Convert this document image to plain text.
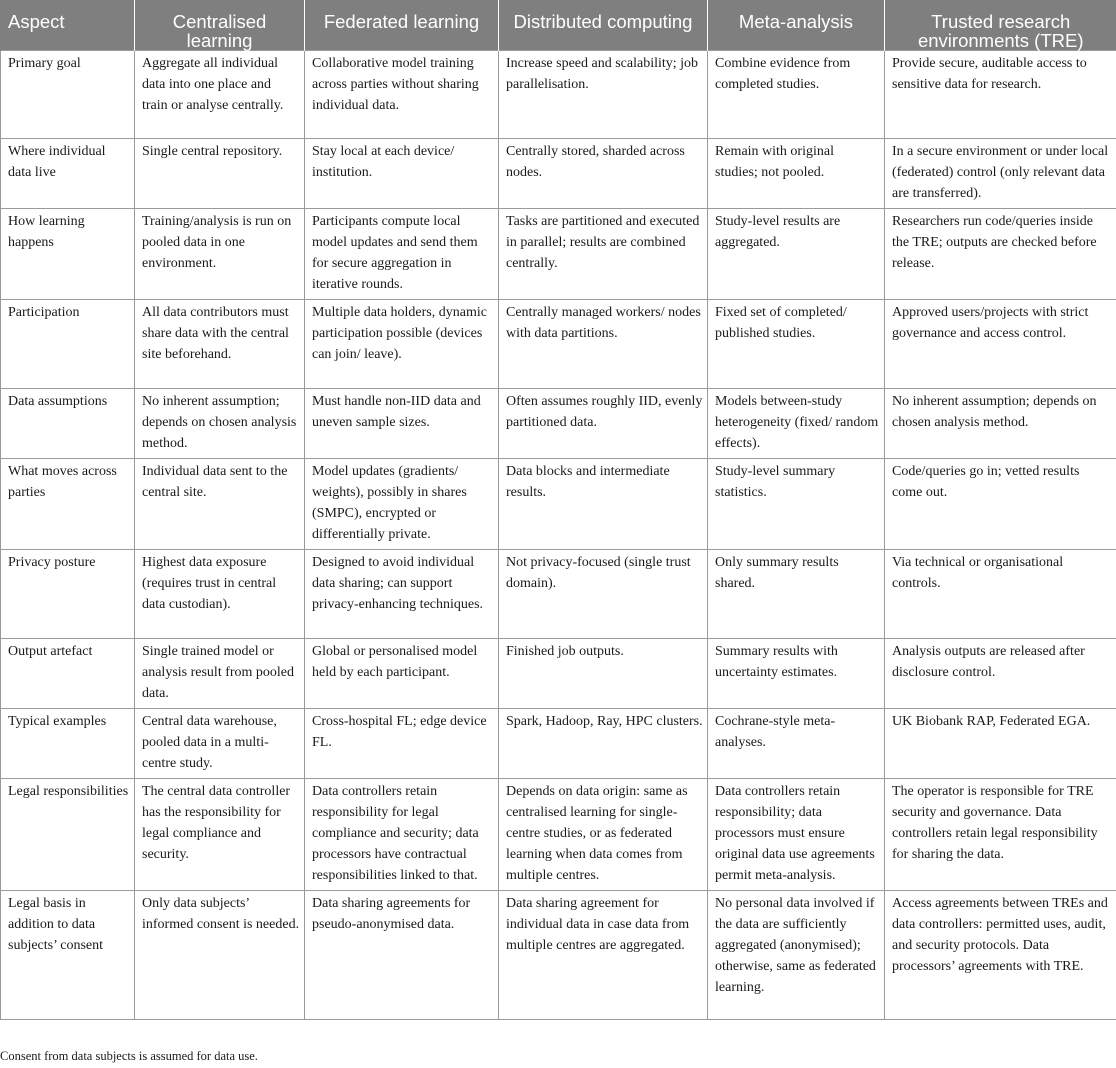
Aspect	Centralised learning	Federated learning	Distributed computing	Meta-analysis	Trusted research environments (TRE)
Primary goal	Aggregate all individual data into one place and train or analyse centrally.	Collaborative model training across parties without sharing individual data.	Increase speed and scalability; job parallelisation.	Combine evidence from completed studies.	Provide secure, auditable access to sensitive data for research.
Where individual data live	Single central repository.	Stay local at each device/ institution.	Centrally stored, sharded across nodes.	Remain with original studies; not pooled.	In a secure environment or under local (federated) control (only relevant data are transferred).
How learning happens	Training/analysis is run on pooled data in one environment.	Participants compute local model updates and send them for secure aggregation in iterative rounds.	Tasks are partitioned and executed in parallel; results are combined centrally.	Study-level results are aggregated.	Researchers run code/queries inside the TRE; outputs are checked before release.
Participation	All data contributors must share data with the central site beforehand.	Multiple data holders, dynamic participation possible (devices can join/ leave).	Centrally managed workers/ nodes with data partitions.	Fixed set of completed/ published studies.	Approved users/projects with strict governance and access control.
Data assumptions	No inherent assumption; depends on chosen analysis method.	Must handle non-IID data and uneven sample sizes.	Often assumes roughly IID, evenly partitioned data.	Models between-study heterogeneity (fixed/ random effects).	No inherent assumption; depends on chosen analysis method.
What moves across parties	Individual data sent to the central site.	Model updates (gradients/ weights), possibly in shares (SMPC), encrypted or differentially private.	Data blocks and intermediate results.	Study-level summary statistics.	Code/queries go in; vetted results come out.
Privacy posture	Highest data exposure (requires trust in central data custodian).	Designed to avoid individual data sharing; can support privacy-enhancing techniques.	Not privacy-focused (single trust domain).	Only summary results shared.	Via technical or organisational controls.
Output artefact	Single trained model or analysis result from pooled data.	Global or personalised model held by each participant.	Finished job outputs.	Summary results with uncertainty estimates.	Analysis outputs are released after disclosure control.
Typical examples	Central data warehouse, pooled data in a multi-centre study.	Cross-hospital FL; edge device FL.	Spark, Hadoop, Ray, HPC clusters.	Cochrane-style meta-analyses.	UK Biobank RAP, Federated EGA.
Legal responsibilities	The central data controller has the responsibility for legal compliance and security.	Data controllers retain responsibility for legal compliance and security; data processors have contractual responsibilities linked to that.	Depends on data origin: same as centralised learning for single-centre studies, or as federated learning when data comes from multiple centres.	Data controllers retain responsibility; data processors must ensure original data use agreements permit meta-analysis.	The operator is responsible for TRE security and governance. Data controllers retain legal responsibility for sharing the data.
Legal basis in addition to data subjects’ consent	Only data subjects’ informed consent is needed.	Data sharing agreements for pseudo-anonymised data.	Data sharing agreement for individual data in case data from multiple centres are aggregated.	No personal data involved if the data are sufficiently aggregated (anonymised); otherwise, same as federated learning.	Access agreements between TREs and data controllers: permitted uses, audit, and security protocols. Data processors’ agreements with TRE.
Consent from data subjects is assumed for data use.
